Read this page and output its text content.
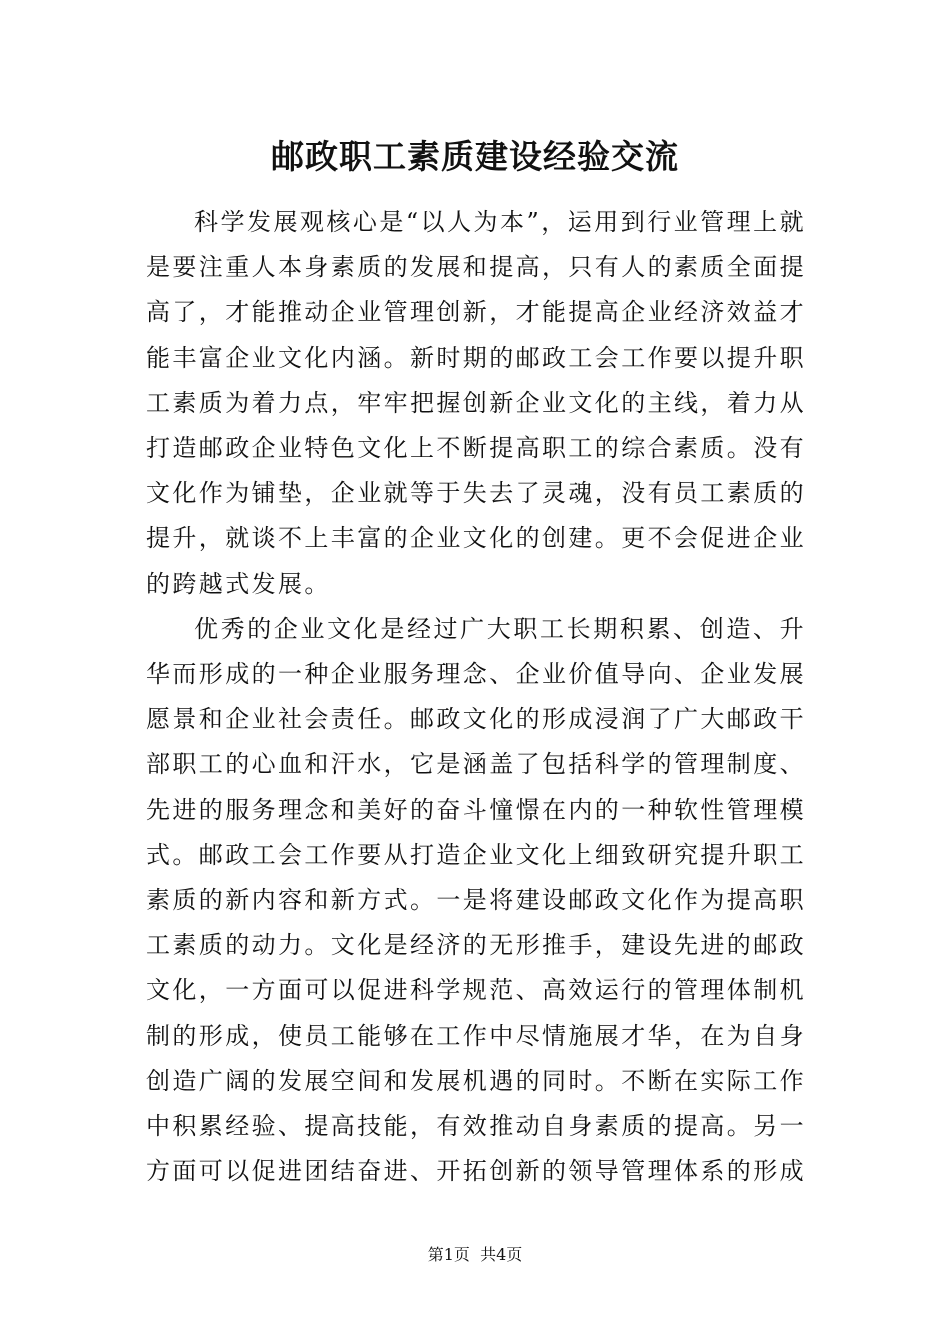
邮政职工素质建设经验交流

科学发展观核心是“以人为本”，运用到行业管理上就是要注重人本身素质的发展和提高，只有人的素质全面提高了，才能推动企业管理创新，才能提高企业经济效益才能丰富企业文化内涵。新时期的邮政工会工作要以提升职工素质为着力点，牢牢把握创新企业文化的主线，着力从打造邮政企业特色文化上不断提高职工的综合素质。没有文化作为铺垫，企业就等于失去了灵魂，没有员工素质的提升，就谈不上丰富的企业文化的创建。更不会促进企业的跨越式发展。

优秀的企业文化是经过广大职工长期积累、创造、升华而形成的一种企业服务理念、企业价值导向、企业发展愿景和企业社会责任。邮政文化的形成浸润了广大邮政干部职工的心血和汗水，它是涵盖了包括科学的管理制度、先进的服务理念和美好的奋斗憧憬在内的一种软性管理模式。邮政工会工作要从打造企业文化上细致研究提升职工素质的新内容和新方式。一是将建设邮政文化作为提高职工素质的动力。文化是经济的无形推手，建设先进的邮政文化，一方面可以促进科学规范、高效运行的管理体制机制的形成，使员工能够在工作中尽情施展才华，在为自身创造广阔的发展空间和发展机遇的同时。不断在实际工作中积累经验、提高技能，有效推动自身素质的提高。另一方面可以促进团结奋进、开拓创新的领导管理体系的形成

第1页 共4页
